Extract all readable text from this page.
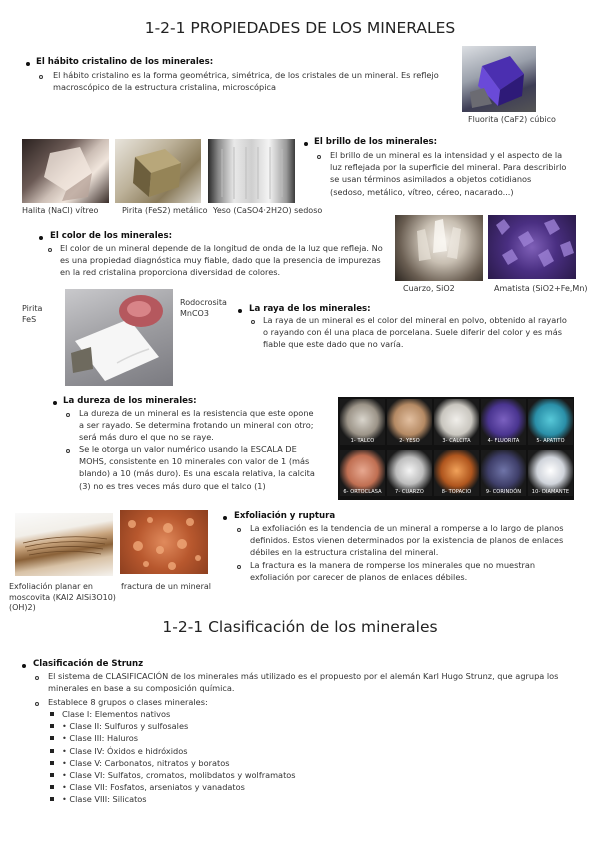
1-2-1 PROPIEDADES DE LOS MINERALES
El hábito cristalino de los minerales:
El hábito cristalino es la forma geométrica, simétrica, de los cristales de un mineral. Es reflejo
macroscópico de la estructura cristalina, microscópica
Fluorita (CaF2) cúbico
Halita (NaCl) vítreo	Pirita (FeS2) metálico Yeso (CaSO4·2H2O) sedoso
El brillo de los minerales:
El brillo de un mineral es la intensidad y el aspecto de la
luz reflejada por la superficie del mineral. Para describirlo
se usan términos asimilados a objetos cotidianos
(sedoso, metálico, vítreo, céreo, nacarado...)
El color de los minerales:
El color de un mineral depende de la longitud de onda de la luz que refleja. No
es una propiedad diagnóstica muy fiable, dado que la presencia de impurezas
en la red cristalina proporciona diversidad de colores.
Cuarzo, SiO2	Amatista (SiO2+Fe,Mn)
Pirita
FeS
Rodocrosita
MnCO3	La raya de los minerales:
La raya de un mineral es el color del mineral en polvo, obtenido al rayarlo
o rayando con él una placa de porcelana. Suele diferir del color y es más
fiable que este dado que no varía.
La dureza de los minerales:
La dureza de un mineral es la resistencia que este opone
a ser rayado. Se determina frotando un mineral con otro;
será más duro el que no se raye.
Se le otorga un valor numérico usando la ESCALA DE
MOHS, consistente en 10 minerales con valor de 1 (más
blando) a 10 (más duro). Es una escala relativa, la calcita
(3) no es tres veces más duro que el talco (1)
1- TALCO	2- YESO	3- CALCITA	4- FLUORITA	5- APATITO
6- ORTOCLASA	7- CUARZO	8- TOPACIO	9- CORINDÓN	10- DIAMANTE
Exfoliación planar en
moscovita (KAl2 AlSi3O10)
(OH)2)
fractura de un mineral
Exfoliación y ruptura
La exfoliación es la tendencia de un mineral a romperse a lo largo de planos
definidos. Estos vienen determinados por la existencia de planos de enlaces
débiles en la estructura cristalina del mineral.
La fractura es la manera de romperse los minerales que no muestran
exfoliación por carecer de planos de enlaces débiles.
1-2-1 Clasificación de los minerales
Clasificación de Strunz
El sistema de CLASIFICACIÓN de los minerales más utilizado es el propuesto por el alemán Karl Hugo Strunz, que agrupa los
minerales en base a su composición química.
Establece 8 grupos o clases minerales:
Clase I: Elementos nativos
• Clase II: Sulfuros y sulfosales
• Clase III: Haluros
• Clase IV: Óxidos e hidróxidos
• Clase V: Carbonatos, nitratos y boratos
• Clase VI: Sulfatos, cromatos, molibdatos y wolframatos
• Clase VII: Fosfatos, arseniatos y vanadatos
• Clase VIII: Silicatos
